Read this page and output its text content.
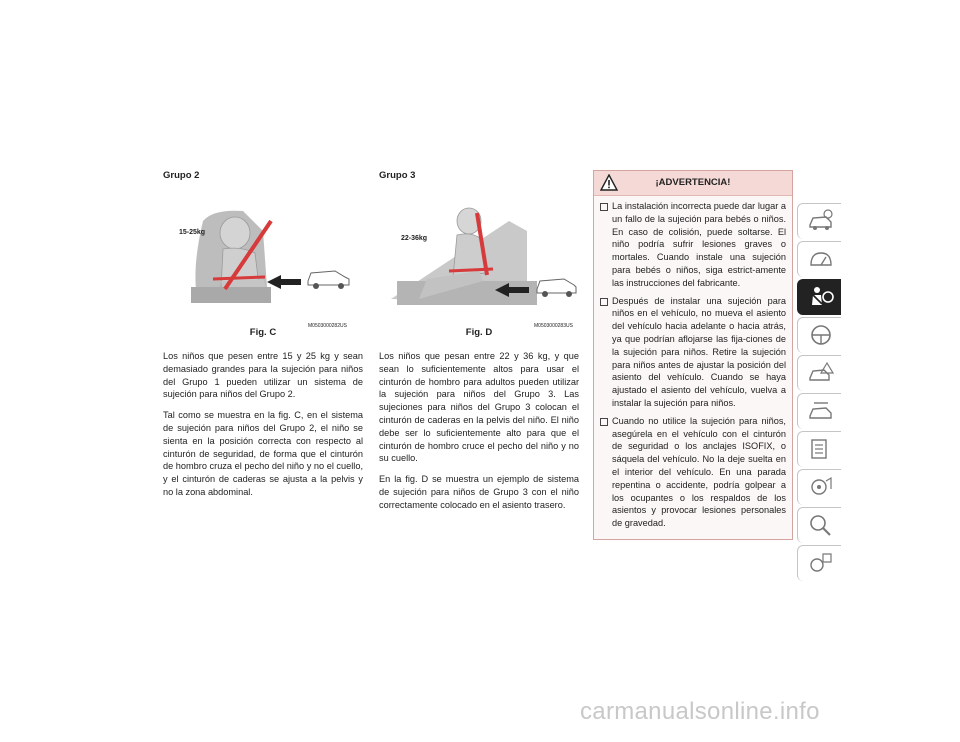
Grupo 2
15-25kg
M0503000282US
Fig. C

Los niños que pesen entre 15 y 25 kg y sean demasiado grandes para la sujeción para niños del Grupo 1 pueden utilizar un sistema de sujeción para niños del Grupo 2.

Tal como se muestra en la fig. C, en el sistema de sujeción para niños del Grupo 2, el niño se sienta en la posición correcta con respecto al cinturón de seguridad, de forma que el cinturón de hombro cruza el pecho del niño y no el cuello, y el cinturón de caderas se ajusta a la pelvis y no la zona abdominal.

Grupo 3
22-36kg
M0503000283US
Fig. D

Los niños que pesan entre 22 y 36 kg, y que sean lo suficientemente altos para usar el cinturón de hombro para adultos pueden utilizar la sujeción para niños del Grupo 3. Las sujeciones para niños del Grupo 3 colocan el cinturón de caderas en la pelvis del niño. El niño debe ser lo suficientemente alto para que el cinturón de hombro cruce el pecho del niño y no su cuello.

En la fig. D se muestra un ejemplo de sistema de sujeción para niños de Grupo 3 con el niño correctamente colocado en el asiento trasero.

¡ADVERTENCIA!
La instalación incorrecta puede dar lugar a un fallo de la sujeción para bebés o niños. En caso de colisión, puede soltarse. El niño podría sufrir lesiones graves o mortales. Cuando instale una sujeción para bebés o niños, siga estrict-amente las instrucciones del fabricante.
Después de instalar una sujeción para niños en el vehículo, no mueva el asiento del vehículo hacia adelante o hacia atrás, ya que podrían aflojarse las fija-ciones de la sujeción para niños. Retire la sujeción para niños antes de ajustar la posición del asiento del vehículo. Cuando se haya ajustado el asiento del vehículo, vuelva a instalar la sujeción para niños.
Cuando no utilice la sujeción para niños, asegúrela en el vehículo con el cinturón de seguridad o los anclajes ISOFIX, o sáquela del vehículo. No la deje suelta en el interior del vehículo. En una parada repentina o accidente, podría golpear a los ocupantes o los respaldos de los asientos y provocar lesiones personales de gravedad.
carmanualsonline.info
